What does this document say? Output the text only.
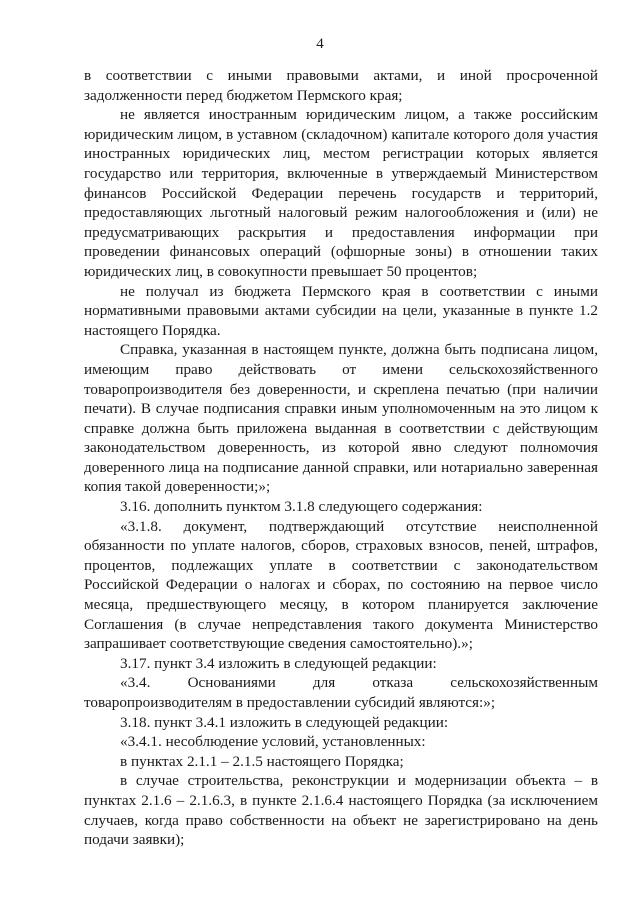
4

в соответствии с иными правовыми актами, и иной просроченной задолженности перед бюджетом Пермского края;

не является иностранным юридическим лицом, а также российским юридическим лицом, в уставном (складочном) капитале которого доля участия иностранных юридических лиц, местом регистрации которых является государство или территория, включенные в утверждаемый Министерством финансов Российской Федерации перечень государств и территорий, предоставляющих льготный налоговый режим налогообложения и (или) не предусматривающих раскрытия и предоставления информации при проведении финансовых операций (офшорные зоны) в отношении таких юридических лиц, в совокупности превышает 50 процентов;

не получал из бюджета Пермского края в соответствии с иными нормативными правовыми актами субсидии на цели, указанные в пункте 1.2 настоящего Порядка.

Справка, указанная в настоящем пункте, должна быть подписана лицом, имеющим право действовать от имени сельскохозяйственного товаропроизводителя без доверенности, и скреплена печатью (при наличии печати). В случае подписания справки иным уполномоченным на это лицом к справке должна быть приложена выданная в соответствии с действующим законодательством доверенность, из которой явно следуют полномочия доверенного лица на подписание данной справки, или нотариально заверенная копия такой доверенности;»;

3.16. дополнить пунктом 3.1.8 следующего содержания:

«3.1.8. документ, подтверждающий отсутствие неисполненной обязанности по уплате налогов, сборов, страховых взносов, пеней, штрафов, процентов, подлежащих уплате в соответствии с законодательством Российской Федерации о налогах и сборах, по состоянию на первое число месяца, предшествующего месяцу, в котором планируется заключение Соглашения (в случае непредставления такого документа Министерство запрашивает соответствующие сведения самостоятельно).»;

3.17. пункт 3.4 изложить в следующей редакции:

«3.4. Основаниями для отказа сельскохозяйственным товаропроизводителям в предоставлении субсидий являются:»;

3.18. пункт 3.4.1 изложить в следующей редакции:

«3.4.1. несоблюдение условий, установленных:

в пунктах 2.1.1 – 2.1.5 настоящего Порядка;

в случае строительства, реконструкции и модернизации объекта – в пунктах 2.1.6 – 2.1.6.3, в пункте 2.1.6.4 настоящего Порядка (за исключением случаев, когда право собственности на объект не зарегистрировано на день подачи заявки);
